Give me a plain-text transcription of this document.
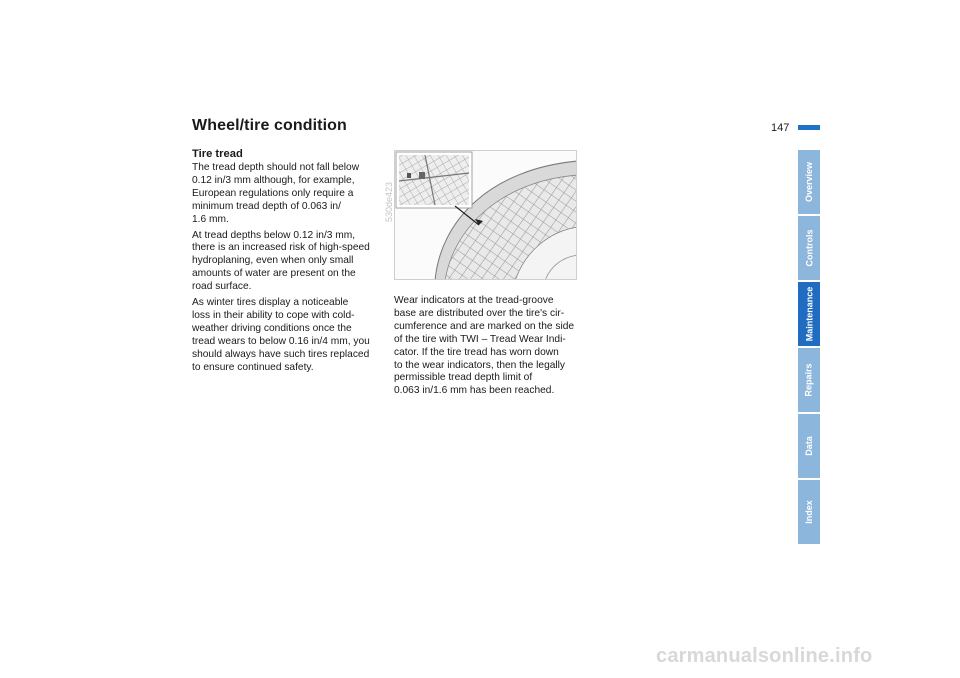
Wheel/tire condition	147
Tire tread

The tread depth should not fall below
0.12 in/3 mm although, for example,
European regulations only require a
minimum tread depth of 0.063 in/
1.6 mm.

At tread depths below 0.12 in/3 mm,
there is an increased risk of high-speed
hydroplaning, even when only small
amounts of water are present on the
road surface.

As winter tires display a noticeable
loss in their ability to cope with cold-
weather driving conditions once the
tread wears to below 0.16 in/4 mm, you
should always have such tires replaced
to ensure continued safety.

530de423

Wear indicators at the tread-groove
base are distributed over the tire's cir-
cumference and are marked on the side
of the tire with TWI – Tread Wear Indi-
cator. If the tire tread has worn down
to the wear indicators, then the legally
permissible tread depth limit of
0.063 in/1.6 mm has been reached.

Overview
Controls
Maintenance
Repairs
Data
Index
carmanualsonline.info
